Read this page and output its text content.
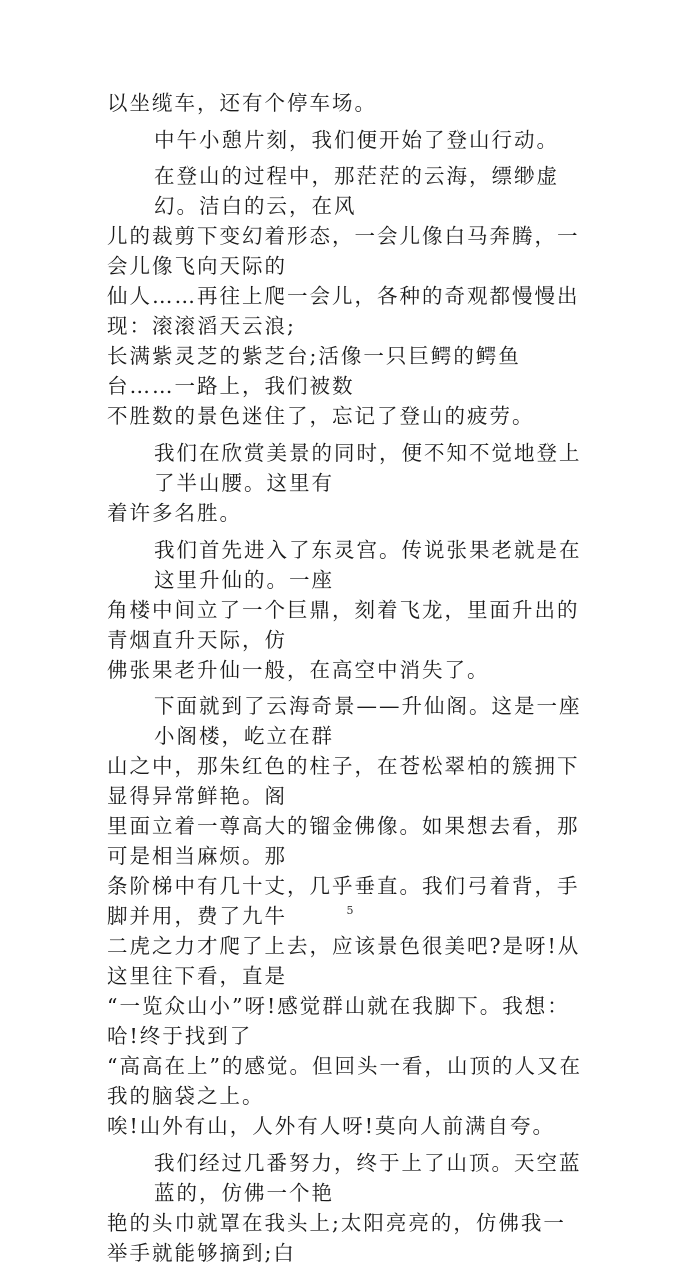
以坐缆车，还有个停车场。
中午小憩片刻，我们便开始了登山行动。
在登山的过程中，那茫茫的云海，缥缈虚幻。洁白的云，在风
儿的裁剪下变幻着形态，一会儿像白马奔腾，一会儿像飞向天际的
仙人……再往上爬一会儿，各种的奇观都慢慢出现：滚滚滔天云浪;
长满紫灵芝的紫芝台;活像一只巨鳄的鳄鱼台……一路上，我们被数
不胜数的景色迷住了，忘记了登山的疲劳。
我们在欣赏美景的同时，便不知不觉地登上了半山腰。这里有
着许多名胜。
我们首先进入了东灵宫。传说张果老就是在这里升仙的。一座
角楼中间立了一个巨鼎，刻着飞龙，里面升出的青烟直升天际，仿
佛张果老升仙一般，在高空中消失了。
下面就到了云海奇景——升仙阁。这是一座小阁楼，屹立在群
山之中，那朱红色的柱子，在苍松翠柏的簇拥下显得异常鲜艳。阁
里面立着一尊高大的镏金佛像。如果想去看，那可是相当麻烦。那
条阶梯中有几十丈，几乎垂直。我们弓着背，手脚并用，费了九牛
二虎之力才爬了上去，应该景色很美吧?是呀!从这里往下看，直是
“一览众山小”呀!感觉群山就在我脚下。我想：哈!终于找到了
“高高在上”的感觉。但回头一看，山顶的人又在我的脑袋之上。
唉!山外有山，人外有人呀!莫向人前满自夸。
我们经过几番努力，终于上了山顶。天空蓝蓝的，仿佛一个艳
艳的头巾就罩在我头上;太阳亮亮的，仿佛我一举手就能够摘到;白
5
